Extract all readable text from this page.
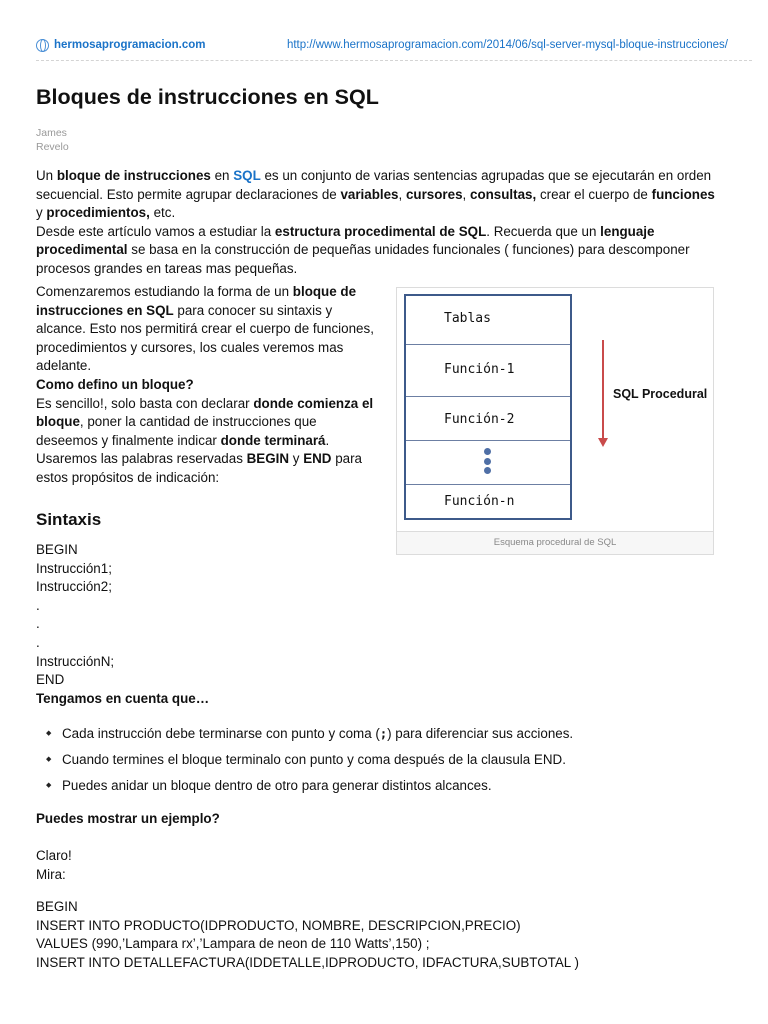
hermosaprogramacion.com	http://www.hermosaprogramacion.com/2014/06/sql-server-mysql-bloque-instrucciones/
Bloques de instrucciones en SQL
James
Revelo
Un bloque de instrucciones en SQL es un conjunto de varias sentencias agrupadas que se ejecutarán en orden
secuencial. Esto permite agrupar declaraciones de variables, cursores, consultas, crear el cuerpo de funciones
y procedimientos, etc.
Desde este artículo vamos a estudiar la estructura procedimental de SQL. Recuerda que un lenguaje
procedimental se basa en la construcción de pequeñas unidades funcionales ( funciones) para descomponer
procesos grandes en tareas mas pequeñas.
Comenzaremos estudiando la forma de un bloque de
instrucciones en SQL para conocer su sintaxis y
alcance. Esto nos permitirá crear el cuerpo de funciones,
procedimientos y cursores, los cuales veremos mas
adelante.
Como defino un bloque?
Es sencillo!, solo basta con declarar donde comienza el
bloque, poner la cantidad de instrucciones que
deseemos y finalmente indicar donde terminará.
Usaremos las palabras reservadas BEGIN y END para
estos propósitos de indicación:
Tablas
Función-1
Función-2
Función-n
SQL Procedural
Esquema procedural de SQL
Sintaxis
BEGIN
Instrucción1;
Instrucción2;
.
.
.
InstrucciónN;
END
Tengamos en cuenta que…
◆ Cada instrucción debe terminarse con punto y coma (;) para diferenciar sus acciones.
◆ Cuando termines el bloque terminalo con punto y coma después de la clausula END.
◆ Puedes anidar un bloque dentro de otro para generar distintos alcances.
Puedes mostrar un ejemplo?
Claro!
Mira:
BEGIN
INSERT INTO PRODUCTO(IDPRODUCTO, NOMBRE, DESCRIPCION,PRECIO)
VALUES (990,’Lampara rx’,’Lampara de neon de 110 Watts’,150) ;
INSERT INTO DETALLEFACTURA(IDDETALLE,IDPRODUCTO, IDFACTURA,SUBTOTAL )
